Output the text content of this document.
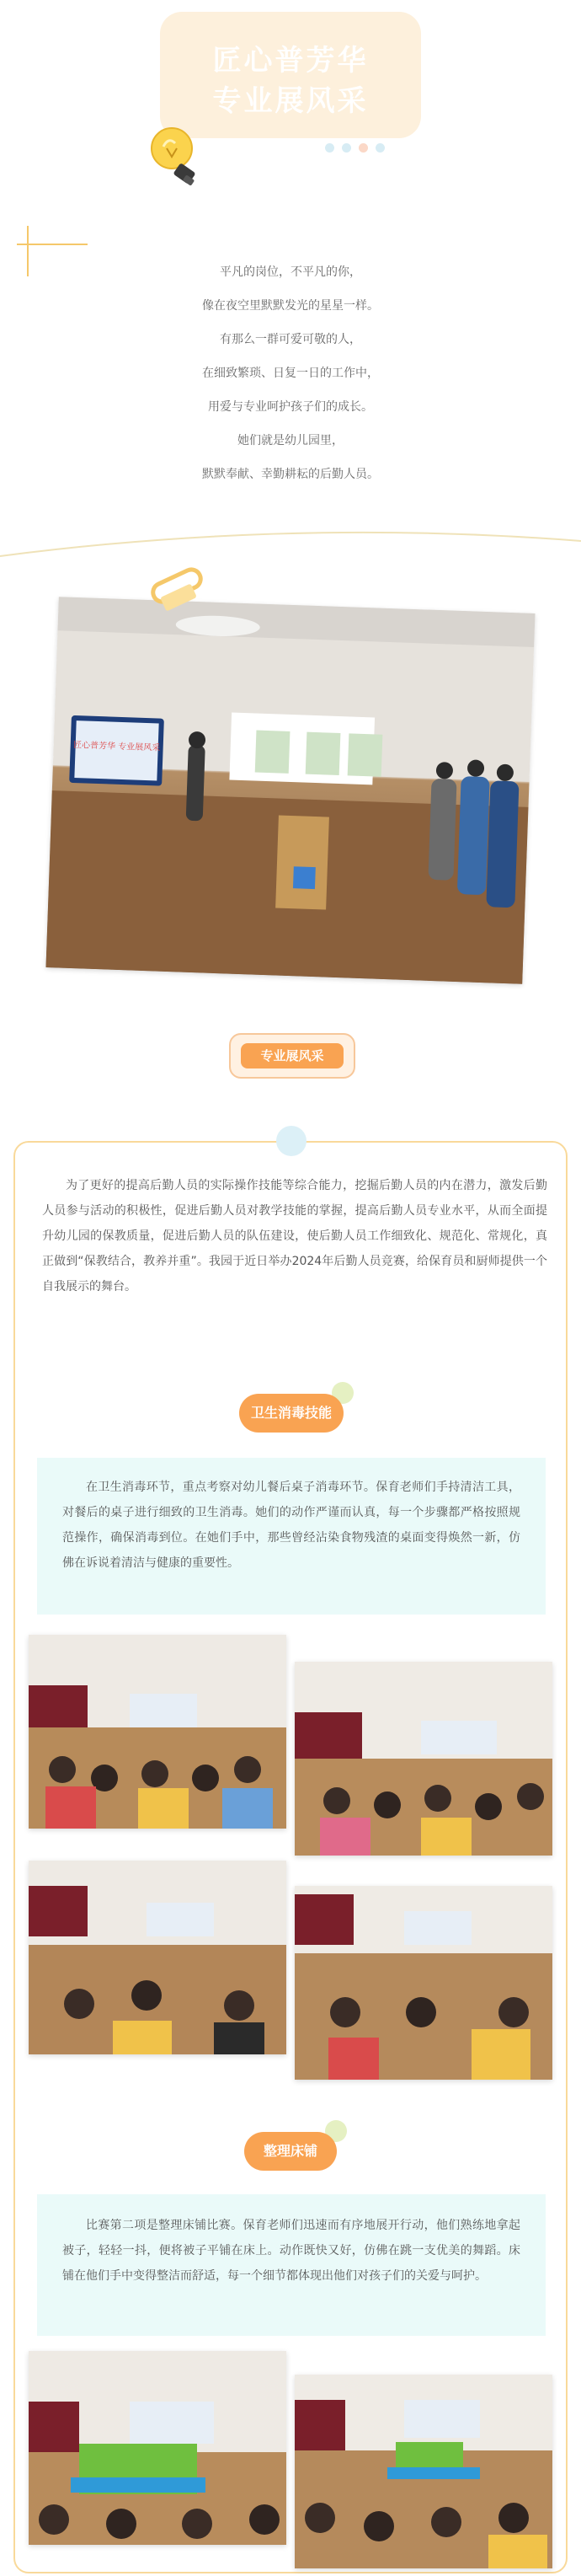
匠心普芳华
专业展风采
平凡的岗位，不平凡的你，
像在夜空里默默发光的星星一样。
有那么一群可爱可敬的人，
在细致繁琐、日复一日的工作中，
用爱与专业呵护孩子们的成长。
她们就是幼儿园里，
默默奉献、幸勤耕耘的后勤人员。
匠心普芳华 专业展风采
专业展风采
为了更好的提高后勤人员的实际操作技能等综合能力，挖掘后勤人员的内在潜力，激发后勤人员参与活动的积极性，促进后勤人员对教学技能的掌握，提高后勤人员专业水平，从而全面提升幼儿园的保教质量，促进后勤人员的队伍建设，使后勤人员工作细致化、规范化、常规化，真正做到“保教结合，教养并重”。我园于近日举办2024年后勤人员竞赛，给保育员和厨师提供一个自我展示的舞台。
卫生消毒技能

在卫生消毒环节，重点考察对幼儿餐后桌子消毒环节。保育老师们手持清洁工具，对餐后的桌子进行细致的卫生消毒。她们的动作严谨而认真，每一个步骤都严格按照规范操作，确保消毒到位。在她们手中，那些曾经沾染食物残渣的桌面变得焕然一新，仿佛在诉说着清洁与健康的重要性。

整理床铺

比赛第二项是整理床铺比赛。保育老师们迅速而有序地展开行动，他们熟练地拿起被子，轻轻一抖，便将被子平铺在床上。动作既快又好，仿佛在跳一支优美的舞蹈。床铺在他们手中变得整洁而舒适，每一个细节都体现出他们对孩子们的关爱与呵护。
